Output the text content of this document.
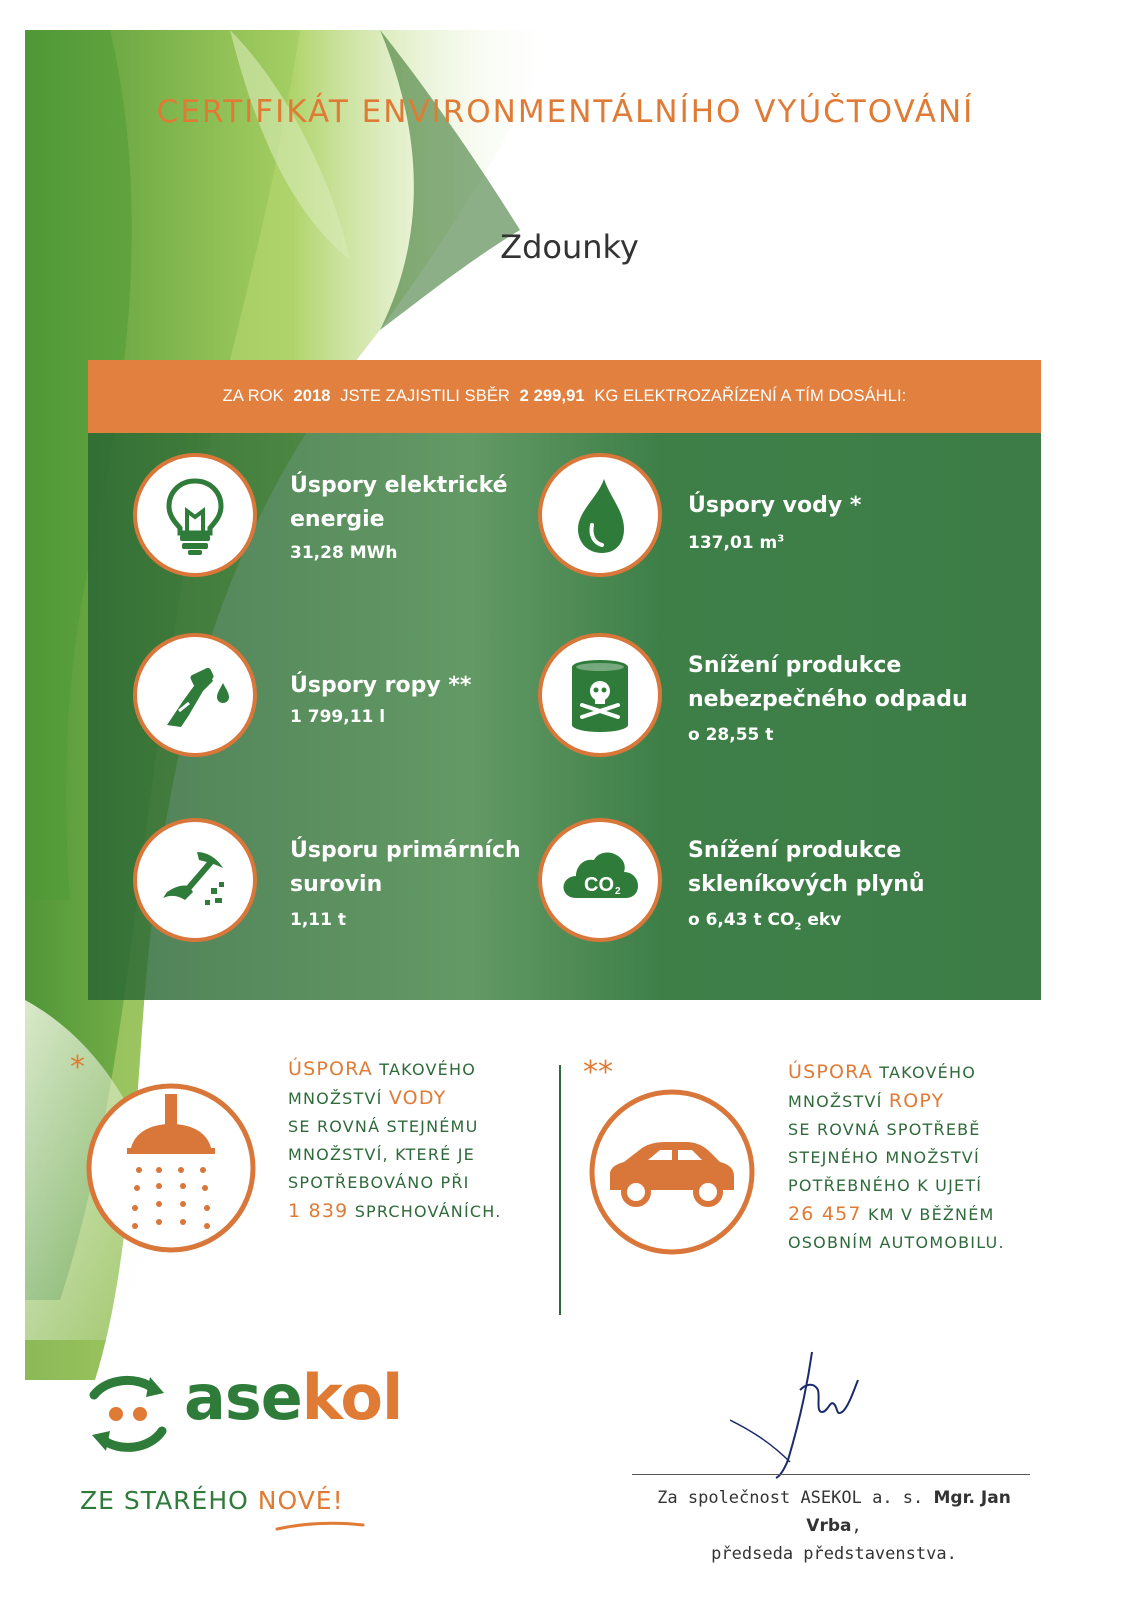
CERTIFIKÁT ENVIRONMENTÁLNÍHO VYÚČTOVÁNÍ
Zdounky
ZA ROK 2018 JSTE ZAJISTILI SBĚR 2 299,91 KG ELEKTROZAŘÍZENÍ A TÍM DOSÁHLI:
Úspory elektrické
energie
31,28 MWh
Úspory vody *
137,01 $m^3$
Úspory ropy **
1 799,11 l
Snížení produkce
nebezpečného odpadu
o 28,55 t
Úsporu primárních
surovin
1,11 t
CO 2
Snížení produkce
skleníkových plynů
o 6,43 t $CO_2$ ekv
*	ÚSPORA TAKOVÉHO
MNOŽSTVÍ VODY
SE ROVNÁ STEJNÉMU
MNOŽSTVÍ, KTERÉ JE
SPOTŘEBOVÁNO PŘI
1 839 SPRCHOVÁNÍCH.
**	ÚSPORA TAKOVÉHO
MNOŽSTVÍ ROPY
SE ROVNÁ SPOTŘEBĚ
STEJNÉHO MNOŽSTVÍ
POTŘEBNÉHO K UJETÍ
26 457 KM V BĚŽNÉM
OSOBNÍM AUTOMOBILU.
asekol
ZE STARÉHO NOVÉ!	Za společnost ASEKOL a. s. Mgr. Jan Vrba,
předseda představenstva.
